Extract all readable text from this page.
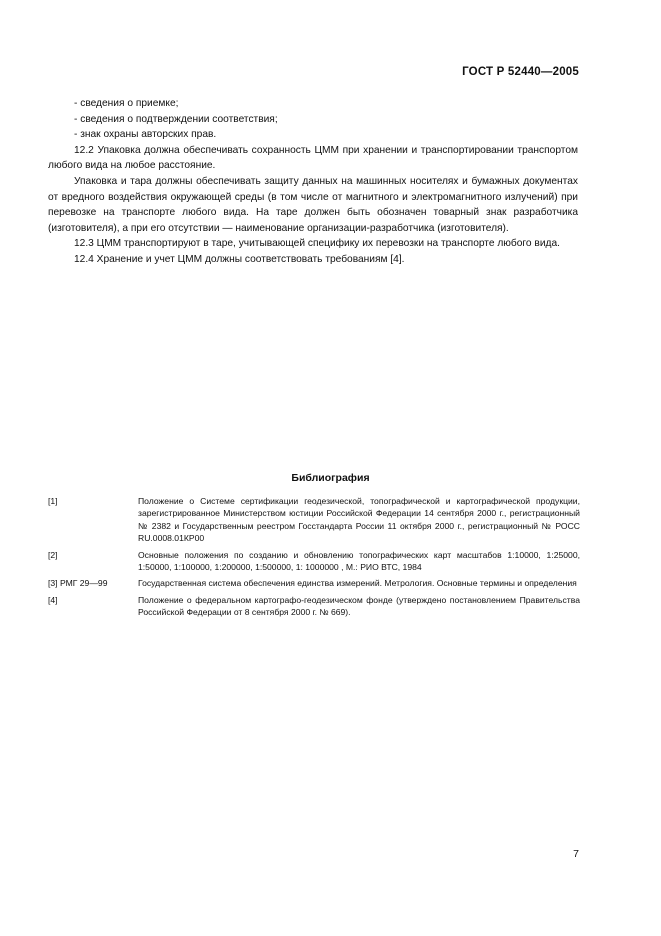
ГОСТ Р 52440—2005

- сведения о приемке;

- сведения о подтверждении соответствия;

- знак охраны авторских прав.

12.2 Упаковка должна обеспечивать сохранность ЦММ при хранении и транспортировании транспортом любого вида на любое расстояние.

Упаковка и тара должны обеспечивать защиту данных на машинных носителях и бумажных документах от вредного воздействия окружающей среды (в том числе от магнитного и электромагнитного излучений) при перевозке на транспорте любого вида. На таре должен быть обозначен товарный знак разработчика (изготовителя), а при его отсутствии — наименование организации-разработчика (изготовителя).

12.3 ЦММ транспортируют в таре, учитывающей специфику их перевозки на транспорте любого вида.

12.4 Хранение и учет ЦММ должны соответствовать требованиям [4].

Библиография
[1]	Положение о Системе сертификации геодезической, топографической и картографической продукции, зарегистрированное Министерством юстиции Российской Федерации 14 сентября 2000 г., регистрационный № 2382 и Государственным реестром Госстандарта России 11 октября 2000 г., регистрационный № РОСС RU.0008.01КР00
[2]	Основные положения по созданию и обновлению топографических карт масштабов 1:10000, 1:25000, 1:50000, 1:100000, 1:200000, 1:500000, 1: 1000000 , М.: РИО ВТС, 1984
[3] РМГ 29—99	Государственная система обеспечения единства измерений. Метрология. Основные термины и определения
[4]	Положение о федеральном картографо-геодезическом фонде (утверждено постановлением Правительства Российской Федерации от 8 сентября 2000 г. № 669).
7
